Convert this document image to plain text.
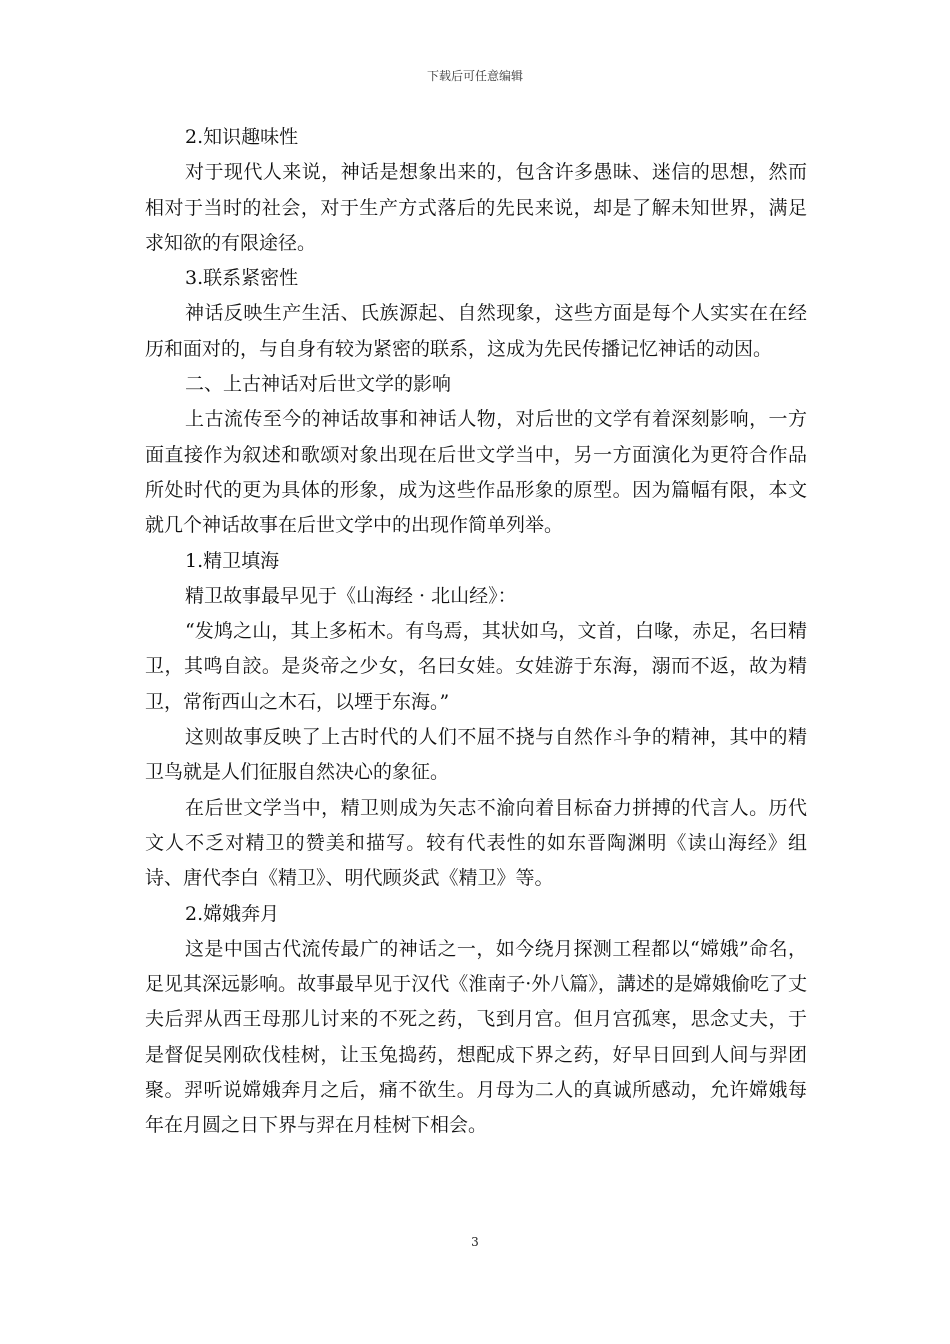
下载后可任意编辑

2.知识趣味性

对于现代人来说，神话是想象出来的，包含许多愚昧、迷信的思想，然而相对于当时的社会，对于生产方式落后的先民来说，却是了解未知世界，满足求知欲的有限途径。

3.联系紧密性

神话反映生产生活、氏族源起、自然现象，这些方面是每个人实实在在经历和面对的，与自身有较为紧密的联系，这成为先民传播记忆神话的动因。

二、上古神话对后世文学的影响

上古流传至今的神话故事和神话人物，对后世的文学有着深刻影响，一方面直接作为叙述和歌颂对象出现在后世文学当中，另一方面演化为更符合作品所处时代的更为具体的形象，成为这些作品形象的原型。因为篇幅有限，本文就几个神话故事在后世文学中的出现作简单列举。

1.精卫填海

精卫故事最早见于《山海经 · 北山经》：

“发鸠之山，其上多柘木。有鸟焉，其状如乌，文首，白喙，赤足，名曰精卫，其鸣自詨。是炎帝之少女，名曰女娃。女娃游于东海，溺而不返，故为精卫，常衔西山之木石，以堙于东海。”

这则故事反映了上古时代的人们不屈不挠与自然作斗争的精神，其中的精卫鸟就是人们征服自然决心的象征。

在后世文学当中，精卫则成为矢志不渝向着目标奋力拼搏的代言人。历代文人不乏对精卫的赞美和描写。较有代表性的如东晋陶渊明《读山海经》组诗、唐代李白《精卫》、明代顾炎武《精卫》等。

2.嫦娥奔月

这是中国古代流传最广的神话之一，如今绕月探测工程都以“嫦娥”命名，足见其深远影响。故事最早见于汉代《淮南子·外八篇》，講述的是嫦娥偷吃了丈夫后羿从西王母那儿讨来的不死之药，飞到月宫。但月宫孤寒，思念丈夫，于是督促吴刚砍伐桂树，让玉兔捣药，想配成下界之药，好早日回到人间与羿团聚。羿听说嫦娥奔月之后，痛不欲生。月母为二人的真诚所感动，允许嫦娥每年在月圆之日下界与羿在月桂树下相会。

3
